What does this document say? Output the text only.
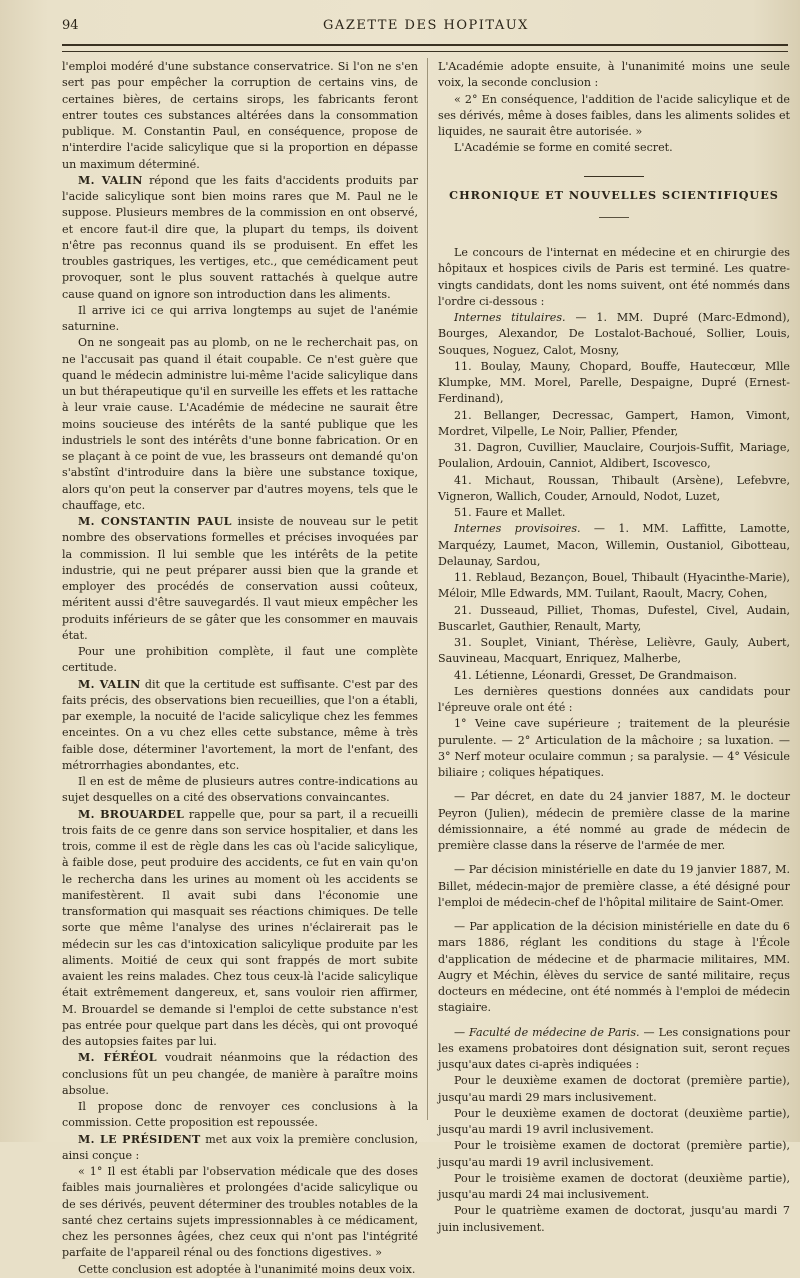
94	GAZETTE DES HOPITAUX

l'emploi modéré d'une substance conservatrice. Si l'on ne s'en sert pas pour empêcher la corruption de certains vins, de certaines bières, de certains sirops, les fabricants feront entrer toutes ces substances altérées dans la consommation publique. M. Constantin Paul, en conséquence, propose de n'interdire l'acide salicylique que si la proportion en dépasse un maximum déterminé.

M. VALIN répond que les faits d'accidents produits par l'acide salicylique sont bien moins rares que M. Paul ne le suppose. Plusieurs membres de la commission en ont observé, et encore faut-il dire que, la plupart du temps, ils doivent n'être pas reconnus quand ils se produisent. En effet les troubles gastriques, les vertiges, etc., que cemédicament peut provoquer, sont le plus souvent rattachés à quelque autre cause quand on ignore son introduction dans les aliments.

Il arrive ici ce qui arriva longtemps au sujet de l'anémie saturnine.

On ne songeait pas au plomb, on ne le recherchait pas, on ne l'accusait pas quand il était coupable. Ce n'est guère que quand le médecin administre lui-même l'acide salicylique dans un but thérapeutique qu'il en surveille les effets et les rattache à leur vraie cause. L'Académie de médecine ne saurait être moins soucieuse des intérêts de la santé publique que les industriels le sont des intérêts d'une bonne fabrication. Or en se plaçant à ce point de vue, les brasseurs ont demandé qu'on s'abstînt d'introduire dans la bière une substance toxique, alors qu'on peut la conserver par d'autres moyens, tels que le chauffage, etc.

M. CONSTANTIN PAUL insiste de nouveau sur le petit nombre des observations formelles et précises invoquées par la commission. Il lui semble que les intérêts de la petite industrie, qui ne peut préparer aussi bien que la grande et employer des procédés de conservation aussi coûteux, méritent aussi d'être sauvegardés. Il vaut mieux empêcher les produits inférieurs de se gâter que les consommer en mauvais état.

Pour une prohibition complète, il faut une complète certitude.

M. VALIN dit que la certitude est suffisante. C'est par des faits précis, des observations bien recueillies, que l'on a établi, par exemple, la nocuité de l'acide salicylique chez les femmes enceintes. On a vu chez elles cette substance, même à très faible dose, déterminer l'avortement, la mort de l'enfant, des métrorrhagies abondantes, etc.

Il en est de même de plusieurs autres contre-indications au sujet desquelles on a cité des observations convaincantes.

M. BROUARDEL rappelle que, pour sa part, il a recueilli trois faits de ce genre dans son service hospitalier, et dans les trois, comme il est de règle dans les cas où l'acide salicylique, à faible dose, peut produire des accidents, ce fut en vain qu'on le rechercha dans les urines au moment où les accidents se manifestèrent. Il avait subi dans l'économie une transformation qui masquait ses réactions chimiques. De telle sorte que même l'analyse des urines n'éclairerait pas le médecin sur les cas d'intoxication salicylique produite par les aliments. Moitié de ceux qui sont frappés de mort subite avaient les reins malades. Chez tous ceux-là l'acide salicylique était extrêmement dangereux, et, sans vouloir rien affirmer, M. Brouardel se demande si l'emploi de cette substance n'est pas entrée pour quelque part dans les décès, qui ont provoqué des autopsies faites par lui.

M. FÉRÉOL voudrait néanmoins que la rédaction des conclusions fût un peu changée, de manière à paraître moins absolue.

Il propose donc de renvoyer ces conclusions à la commission. Cette proposition est repoussée.

M. LE PRÉSIDENT met aux voix la première conclusion, ainsi conçue :

« 1° Il est établi par l'observation médicale que des doses faibles mais journalières et prolongées d'acide salicylique ou de ses dérivés, peuvent déterminer des troubles notables de la santé chez certains sujets impressionnables à ce médicament, chez les personnes âgées, chez ceux qui n'ont pas l'intégrité parfaite de l'appareil rénal ou des fonctions digestives. »

Cette conclusion est adoptée à l'unanimité moins deux voix.

L'Académie adopte ensuite, à l'unanimité moins une seule voix, la seconde conclusion :

« 2° En conséquence, l'addition de l'acide salicylique et de ses dérivés, même à doses faibles, dans les aliments solides et liquides, ne saurait être autorisée. »

L'Académie se forme en comité secret.

CHRONIQUE ET NOUVELLES SCIENTIFIQUES

Le concours de l'internat en médecine et en chirurgie des hôpitaux et hospices civils de Paris est terminé. Les quatre-vingts candidats, dont les noms suivent, ont été nommés dans l'ordre ci-dessous :

Internes titulaires. — 1. MM. Dupré (Marc-Edmond), Bourges, Alexandor, De Lostalot-Bachoué, Sollier, Louis, Souques, Noguez, Calot, Mosny,

11. Boulay, Mauny, Chopard, Bouffe, Hautecœur, Mlle Klumpke, MM. Morel, Parelle, Despaigne, Dupré (Ernest-Ferdinand),

21. Bellanger, Decressac, Gampert, Hamon, Vimont, Mordret, Vilpelle, Le Noir, Pallier, Pfender,

31. Dagron, Cuvillier, Mauclaire, Courjois-Suffit, Mariage, Poulalion, Ardouin, Canniot, Aldibert, Iscovesco,

41. Michaut, Roussan, Thibault (Arsène), Lefebvre, Vigneron, Wallich, Couder, Arnould, Nodot, Luzet,

51. Faure et Mallet.

Internes provisoires. — 1. MM. Laffitte, Lamotte, Marquézy, Laumet, Macon, Willemin, Oustaniol, Gibotteau, Delaunay, Sardou,

11. Reblaud, Bezançon, Bouel, Thibault (Hyacinthe-Marie), Méloir, Mlle Edwards, MM. Tuilant, Raoult, Macry, Cohen,

21. Dusseaud, Pilliet, Thomas, Dufestel, Civel, Audain, Buscarlet, Gauthier, Renault, Marty,

31. Souplet, Viniant, Thérèse, Lelièvre, Gauly, Aubert, Sauvineau, Macquart, Enriquez, Malherbe,

41. Létienne, Léonardi, Gresset, De Grandmaison.

Les dernières questions données aux candidats pour l'épreuve orale ont été :

1° Veine cave supérieure ; traitement de la pleurésie purulente. — 2° Articulation de la mâchoire ; sa luxation. — 3° Nerf moteur oculaire commun ; sa paralysie. — 4° Vésicule biliaire ; coliques hépatiques.

— Par décret, en date du 24 janvier 1887, M. le docteur Peyron (Julien), médecin de première classe de la marine démissionnaire, a été nommé au grade de médecin de première classe dans la réserve de l'armée de mer.

— Par décision ministérielle en date du 19 janvier 1887, M. Billet, médecin-major de première classe, a été désigné pour l'emploi de médecin-chef de l'hôpital militaire de Saint-Omer.

— Par application de la décision ministérielle en date du 6 mars 1886, réglant les conditions du stage à l'École d'application de médecine et de pharmacie militaires, MM. Augry et Méchin, élèves du service de santé militaire, reçus docteurs en médecine, ont été nommés à l'emploi de médecin stagiaire.

— Faculté de médecine de Paris. — Les consignations pour les examens probatoires dont désignation suit, seront reçues jusqu'aux dates ci-après indiquées :

Pour le deuxième examen de doctorat (première partie), jusqu'au mardi 29 mars inclusivement.

Pour le deuxième examen de doctorat (deuxième partie), jusqu'au mardi 19 avril inclusivement.

Pour le troisième examen de doctorat (première partie), jusqu'au mardi 19 avril inclusivement.

Pour le troisième examen de doctorat (deuxième partie), jusqu'au mardi 24 mai inclusivement.

Pour le quatrième examen de doctorat, jusqu'au mardi 7 juin inclusivement.
